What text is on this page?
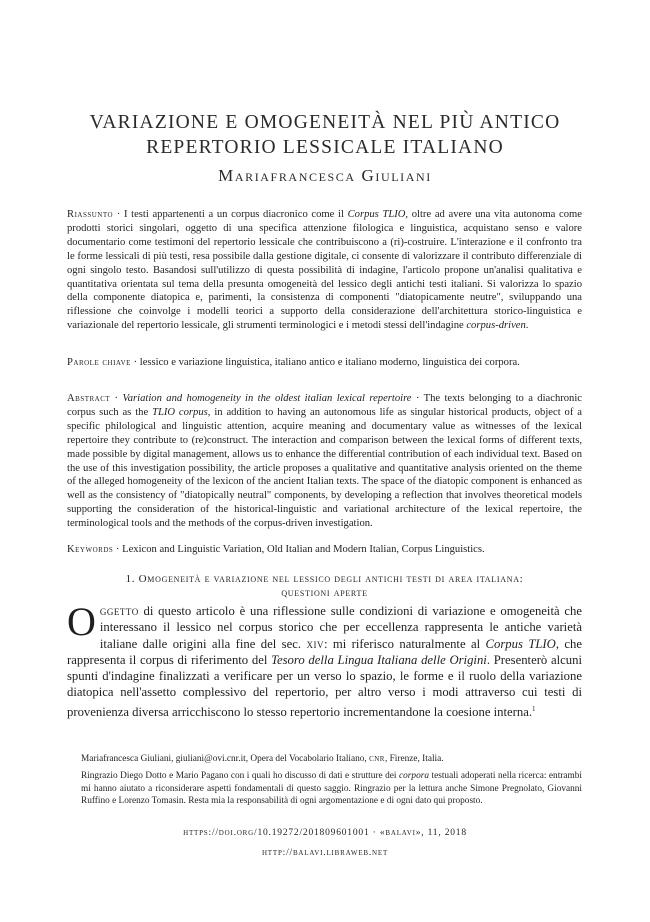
VARIAZIONE E OMOGENEITÀ NEL PIÙ ANTICO
REPERTORIO LESSICALE ITALIANO
Mariafrancesca Giuliani
Riassunto · I testi appartenenti a un corpus diacronico come il Corpus TLIO, oltre ad avere una vita autonoma come prodotti storici singolari, oggetto di una specifica attenzione filologica e linguistica, acquistano senso e valore documentario come testimoni del repertorio lessicale che contribuiscono a (ri)-costruire. L'interazione e il confronto tra le forme lessicali di più testi, resa possibile dalla gestione digitale, ci consente di valorizzare il contributo differenziale di ogni singolo testo. Basandosi sull'utilizzo di questa possibilità di indagine, l'articolo propone un'analisi qualitativa e quantitativa orientata sul tema della presunta omogeneità del lessico degli antichi testi italiani. Si valorizza lo spazio della componente diatopica e, parimenti, la consistenza di componenti "diatopicamente neutre", sviluppando una riflessione che coinvolge i modelli teorici a supporto della considerazione dell'architettura storico-linguistica e variazionale del repertorio lessicale, gli strumenti terminologici e i metodi stessi dell'indagine corpus-driven.
Parole chiave · lessico e variazione linguistica, italiano antico e italiano moderno, linguistica dei corpora.
Abstract · Variation and homogeneity in the oldest italian lexical repertoire · The texts belonging to a diachronic corpus such as the TLIO corpus, in addition to having an autonomous life as singular historical products, object of a specific philological and linguistic attention, acquire meaning and documentary value as witnesses of the lexical repertoire they contribute to (re)construct. The interaction and comparison between the lexical forms of different texts, made possible by digital management, allows us to enhance the differential contribution of each individual text. Based on the use of this investigation possibility, the article proposes a qualitative and quantitative analysis oriented on the theme of the alleged homogeneity of the lexicon of the ancient Italian texts. The space of the diatopic component is enhanced as well as the consistency of "diatopically neutral" components, by developing a reflection that involves theoretical models supporting the consideration of the historical-linguistic and variational architecture of the lexical repertoire, the terminological tools and the methods of the corpus-driven investigation.
Keywords · Lexicon and Linguistic Variation, Old Italian and Modern Italian, Corpus Linguistics.
1. Omogeneità e variazione nel lessico degli antichi testi di area italiana:
questioni aperte
Oggetto di questo articolo è una riflessione sulle condizioni di variazione e omogeneità che interessano il lessico nel corpus storico che per eccellenza rappresenta le antiche varietà italiane dalle origini alla fine del sec. xiv: mi riferisco naturalmente al Corpus TLIO, che rappresenta il corpus di riferimento del Tesoro della Lingua Italiana delle Origini. Presenterò alcuni spunti d'indagine finalizzati a verificare per un verso lo spazio, le forme e il ruolo della variazione diatopica nell'assetto complessivo del repertorio, per altro verso i modi attraverso cui testi di provenienza diversa arricchiscono lo stesso repertorio incrementandone la coesione interna.$^1$
Mariafrancesca Giuliani, giuliani@ovi.cnr.it, Opera del Vocabolario Italiano, cnr, Firenze, Italia.
Ringrazio Diego Dotto e Mario Pagano con i quali ho discusso di dati e strutture dei corpora testuali adoperati nella ricerca: entrambi mi hanno aiutato a riconsiderare aspetti fondamentali di questo saggio. Ringrazio per la lettura anche Simone Pregnolato, Giovanni Ruffino e Lorenzo Tomasin. Resta mia la responsabilità di ogni argomentazione e di ogni dato qui proposto.
https://doi.org/10.19272/201809601001 · «balavi», 11, 2018
http://balavi.libraweb.net
